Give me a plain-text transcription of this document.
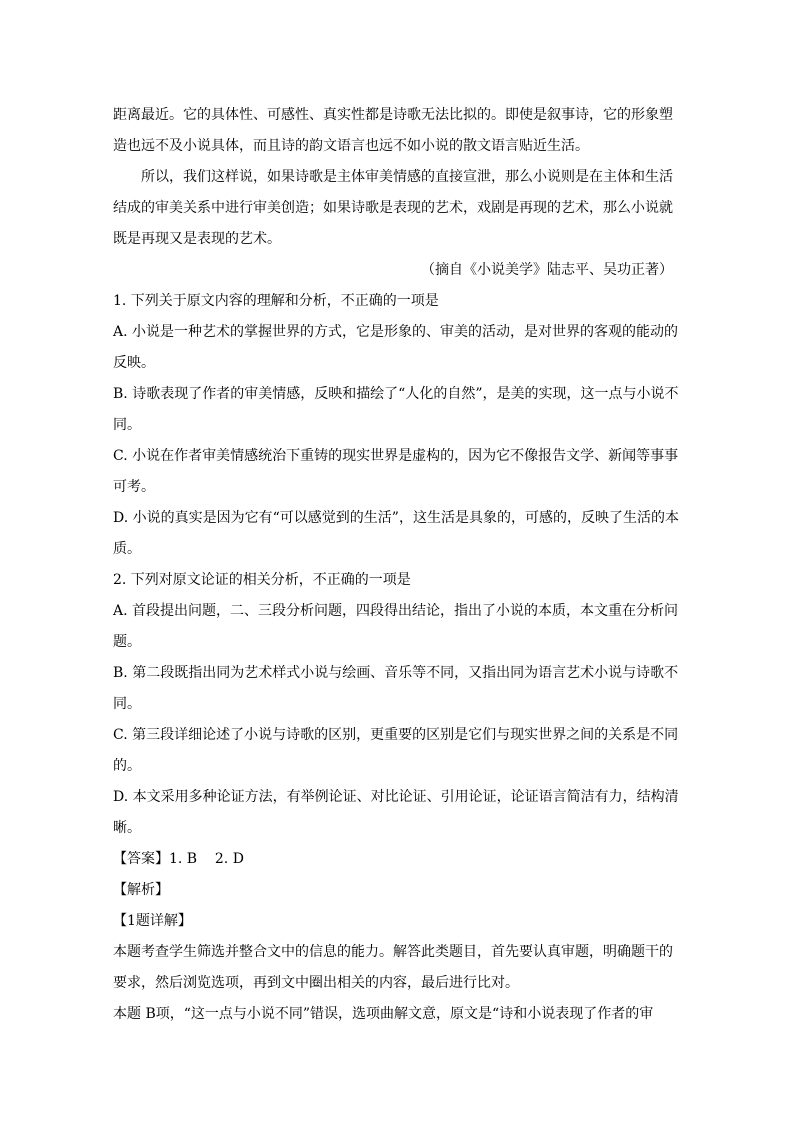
距离最近。它的具体性、可感性、真实性都是诗歌无法比拟的。即使是叙事诗，它的形象塑
造也远不及小说具体，而且诗的韵文语言也远不如小说的散文语言贴近生活。
所以，我们这样说，如果诗歌是主体审美情感的直接宣泄，那么小说则是在主体和生活
结成的审美关系中进行审美创造；如果诗歌是表现的艺术，戏剧是再现的艺术，那么小说就
既是再现又是表现的艺术。
（摘自《小说美学》陆志平、吴功正著）
1. 下列关于原文内容的理解和分析，不正确的一项是
A. 小说是一种艺术的掌握世界的方式，它是形象的、审美的活动，是对世界的客观的能动的
反映。
B. 诗歌表现了作者的审美情感，反映和描绘了“人化的自然”，是美的实现，这一点与小说不
同。
C. 小说在作者审美情感统治下重铸的现实世界是虚构的，因为它不像报告文学、新闻等事事
可考。
D. 小说的真实是因为它有“可以感觉到的生活”，这生活是具象的，可感的，反映了生活的本
质。
2. 下列对原文论证的相关分析，不正确的一项是
A. 首段提出问题，二、三段分析问题，四段得出结论，指出了小说的本质，本文重在分析问
题。
B. 第二段既指出同为艺术样式小说与绘画、音乐等不同，又指出同为语言艺术小说与诗歌不
同。
C. 第三段详细论述了小说与诗歌的区别，更重要的区别是它们与现实世界之间的关系是不同
的。
D. 本文采用多种论证方法，有举例论证、对比论证、引用论证，论证语言简洁有力，结构清
晰。
【答案】1. B    2. D
【解析】
【1题详解】
本题考查学生筛选并整合文中的信息的能力。解答此类题目，首先要认真审题，明确题干的
要求，然后浏览选项，再到文中圈出相关的内容，最后进行比对。
本题 B项，“这一点与小说不同”错误，选项曲解文意，原文是“诗和小说表现了作者的审
